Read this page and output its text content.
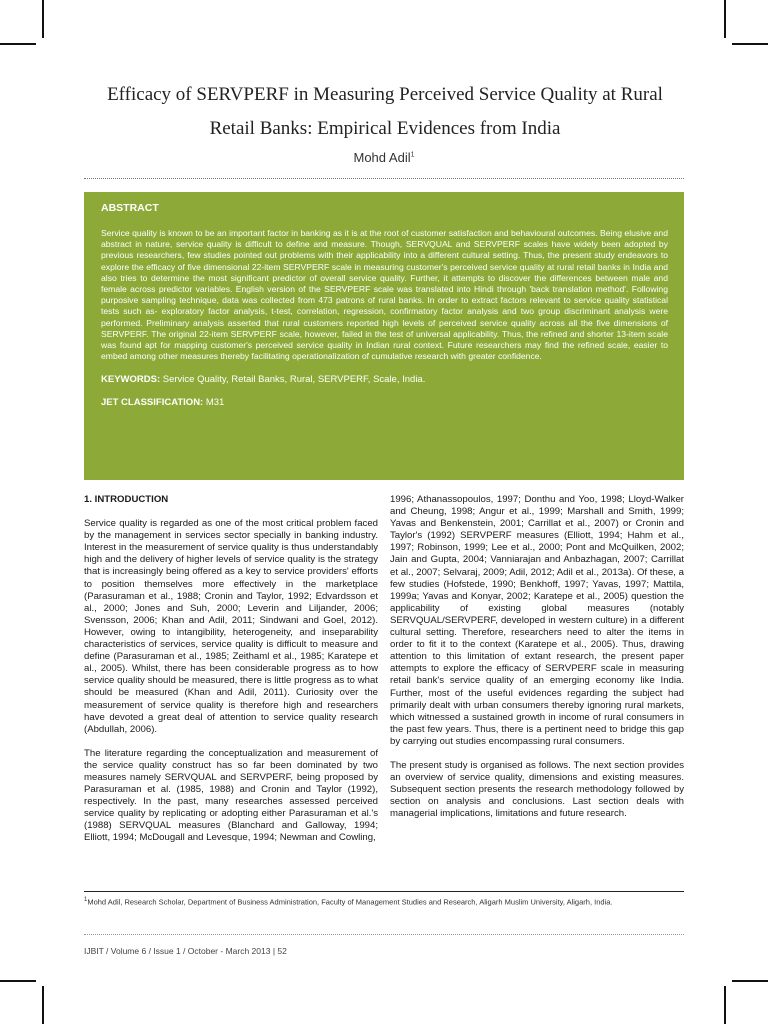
Efficacy of SERVPERF in Measuring Perceived Service Quality at Rural
Retail Banks: Empirical Evidences from India
Mohd Adil$^1$
ABSTRACT

Service quality is known to be an important factor in banking as it is at the root of customer satisfaction and behavioural outcomes. Being elusive and abstract in nature, service quality is difficult to define and measure. Though, SERVQUAL and SERVPERF scales have widely been adopted by previous researchers, few studies pointed out problems with their applicability into a different cultural setting. Thus, the present study endeavors to explore the efficacy of five dimensional 22-item SERVPERF scale in measuring customer's perceived service quality at rural retail banks in India and also tries to determine the most significant predictor of overall service quality. Further, it attempts to discover the differences between male and female across predictor variables. English version of the SERVPERF scale was translated into Hindi through 'back translation method'. Following purposive sampling technique, data was collected from 473 patrons of rural banks. In order to extract factors relevant to service quality statistical tests such as- exploratory factor analysis, t-test, correlation, regression, confirmatory factor analysis and two group discriminant analysis were performed. Preliminary analysis asserted that rural customers reported high levels of perceived service quality across all the five dimensions of SERVPERF. The original 22-item SERVPERF scale, however, failed in the test of universal applicability. Thus, the refined and shorter 13-item scale was found apt for mapping customer's perceived service quality in Indian rural context. Future researchers may find the refined scale, easier to embed among other measures thereby facilitating operationalization of cumulative research with greater confidence.

KEYWORDS: Service Quality, Retail Banks, Rural, SERVPERF, Scale, India.
JET CLASSIFICATION: M31

1. INTRODUCTION

Service quality is regarded as one of the most critical problem faced by the management in services sector specially in banking industry. Interest in the measurement of service quality is thus understandably high and the delivery of higher levels of service quality is the strategy that is increasingly being offered as a key to service providers' efforts to position themselves more effectively in the marketplace (Parasuraman et al., 1988; Cronin and Taylor, 1992; Edvardsson et al., 2000; Jones and Suh, 2000; Leverin and Liljander, 2006; Svensson, 2006; Khan and Adil, 2011; Sindwani and Goel, 2012). However, owing to intangibility, heterogeneity, and inseparability characteristics of services, service quality is difficult to measure and define (Parasuraman et al., 1985; Zeithaml et al., 1985; Karatepe et al., 2005). Whilst, there has been considerable progress as to how service quality should be measured, there is little progress as to what should be measured (Khan and Adil, 2011). Curiosity over the measurement of service quality is therefore high and researchers have devoted a great deal of attention to service quality research (Abdullah, 2006).

The literature regarding the conceptualization and measurement of the service quality construct has so far been dominated by two measures namely SERVQUAL and SERVPERF, being proposed by Parasuraman et al. (1985, 1988) and Cronin and Taylor (1992), respectively. In the past, many researches assessed perceived service quality by replicating or adopting either Parasuraman et al.'s (1988) SERVQUAL measures (Blanchard and Galloway, 1994; Elliott, 1994; McDougall and Levesque, 1994; Newman and Cowling,

1996; Athanassopoulos, 1997; Donthu and Yoo, 1998; Lloyd-Walker and Cheung, 1998; Angur et al., 1999; Marshall and Smith, 1999; Yavas and Benkenstein, 2001; Carrillat et al., 2007) or Cronin and Taylor's (1992) SERVPERF measures (Elliott, 1994; Hahm et al., 1997; Robinson, 1999; Lee et al., 2000; Pont and McQuilken, 2002; Jain and Gupta, 2004; Vanniarajan and Anbazhagan, 2007; Carrillat et al., 2007; Selvaraj, 2009; Adil, 2012; Adil et al., 2013a). Of these, a few studies (Hofstede, 1990; Benkhoff, 1997; Yavas, 1997; Mattila, 1999a; Yavas and Konyar, 2002; Karatepe et al., 2005) question the applicability of existing global measures (notably SERVQUAL/SERVPERF, developed in western culture) in a different cultural setting. Therefore, researchers need to alter the items in order to fit it to the context (Karatepe et al., 2005). Thus, drawing attention to this limitation of extant research, the present paper attempts to explore the efficacy of SERVPERF scale in measuring retail bank's service quality of an emerging economy like India. Further, most of the useful evidences regarding the subject had primarily dealt with urban consumers thereby ignoring rural markets, which witnessed a sustained growth in income of rural consumers in the past few years. Thus, there is a pertinent need to bridge this gap by carrying out studies encompassing rural consumers.

The present study is organised as follows. The next section provides an overview of service quality, dimensions and existing measures. Subsequent section presents the research methodology followed by section on analysis and conclusions. Last section deals with managerial implications, limitations and future research.

$^1$Mohd Adil, Research Scholar, Department of Business Administration, Faculty of Management Studies and Research, Aligarh Muslim University, Aligarh, India.
IJBIT / Volume 6 / Issue 1 / October - March 2013 | 52
